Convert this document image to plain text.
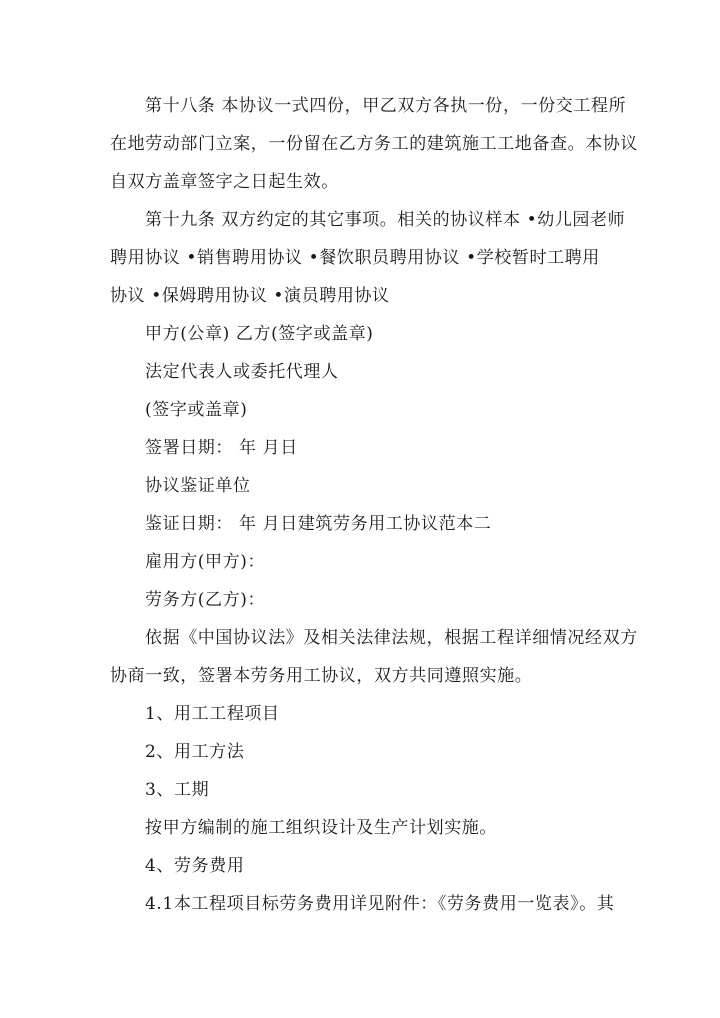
第十八条 本协议一式四份，甲乙双方各执一份，一份交工程所
在地劳动部门立案，一份留在乙方务工的建筑施工工地备查。本协议
自双方盖章签字之日起生效。
第十九条 双方约定的其它事项。相关的协议样本 •幼儿园老师
聘用协议 •销售聘用协议 •餐饮职员聘用协议 •学校暂时工聘用
协议 •保姆聘用协议 •演员聘用协议
甲方(公章) 乙方(签字或盖章)
法定代表人或委托代理人
(签字或盖章)
签署日期： 年 月日
协议鉴证单位
鉴证日期： 年 月日建筑劳务用工协议范本二
雇用方(甲方)：
劳务方(乙方)：
依据《中国协议法》及相关法律法规，根据工程详细情况经双方
协商一致，签署本劳务用工协议，双方共同遵照实施。
1、用工工程项目
2、用工方法
3、工期
按甲方编制的施工组织设计及生产计划实施。
4、劳务费用
4.1本工程项目标劳务费用详见附件：《劳务费用一览表》。其
